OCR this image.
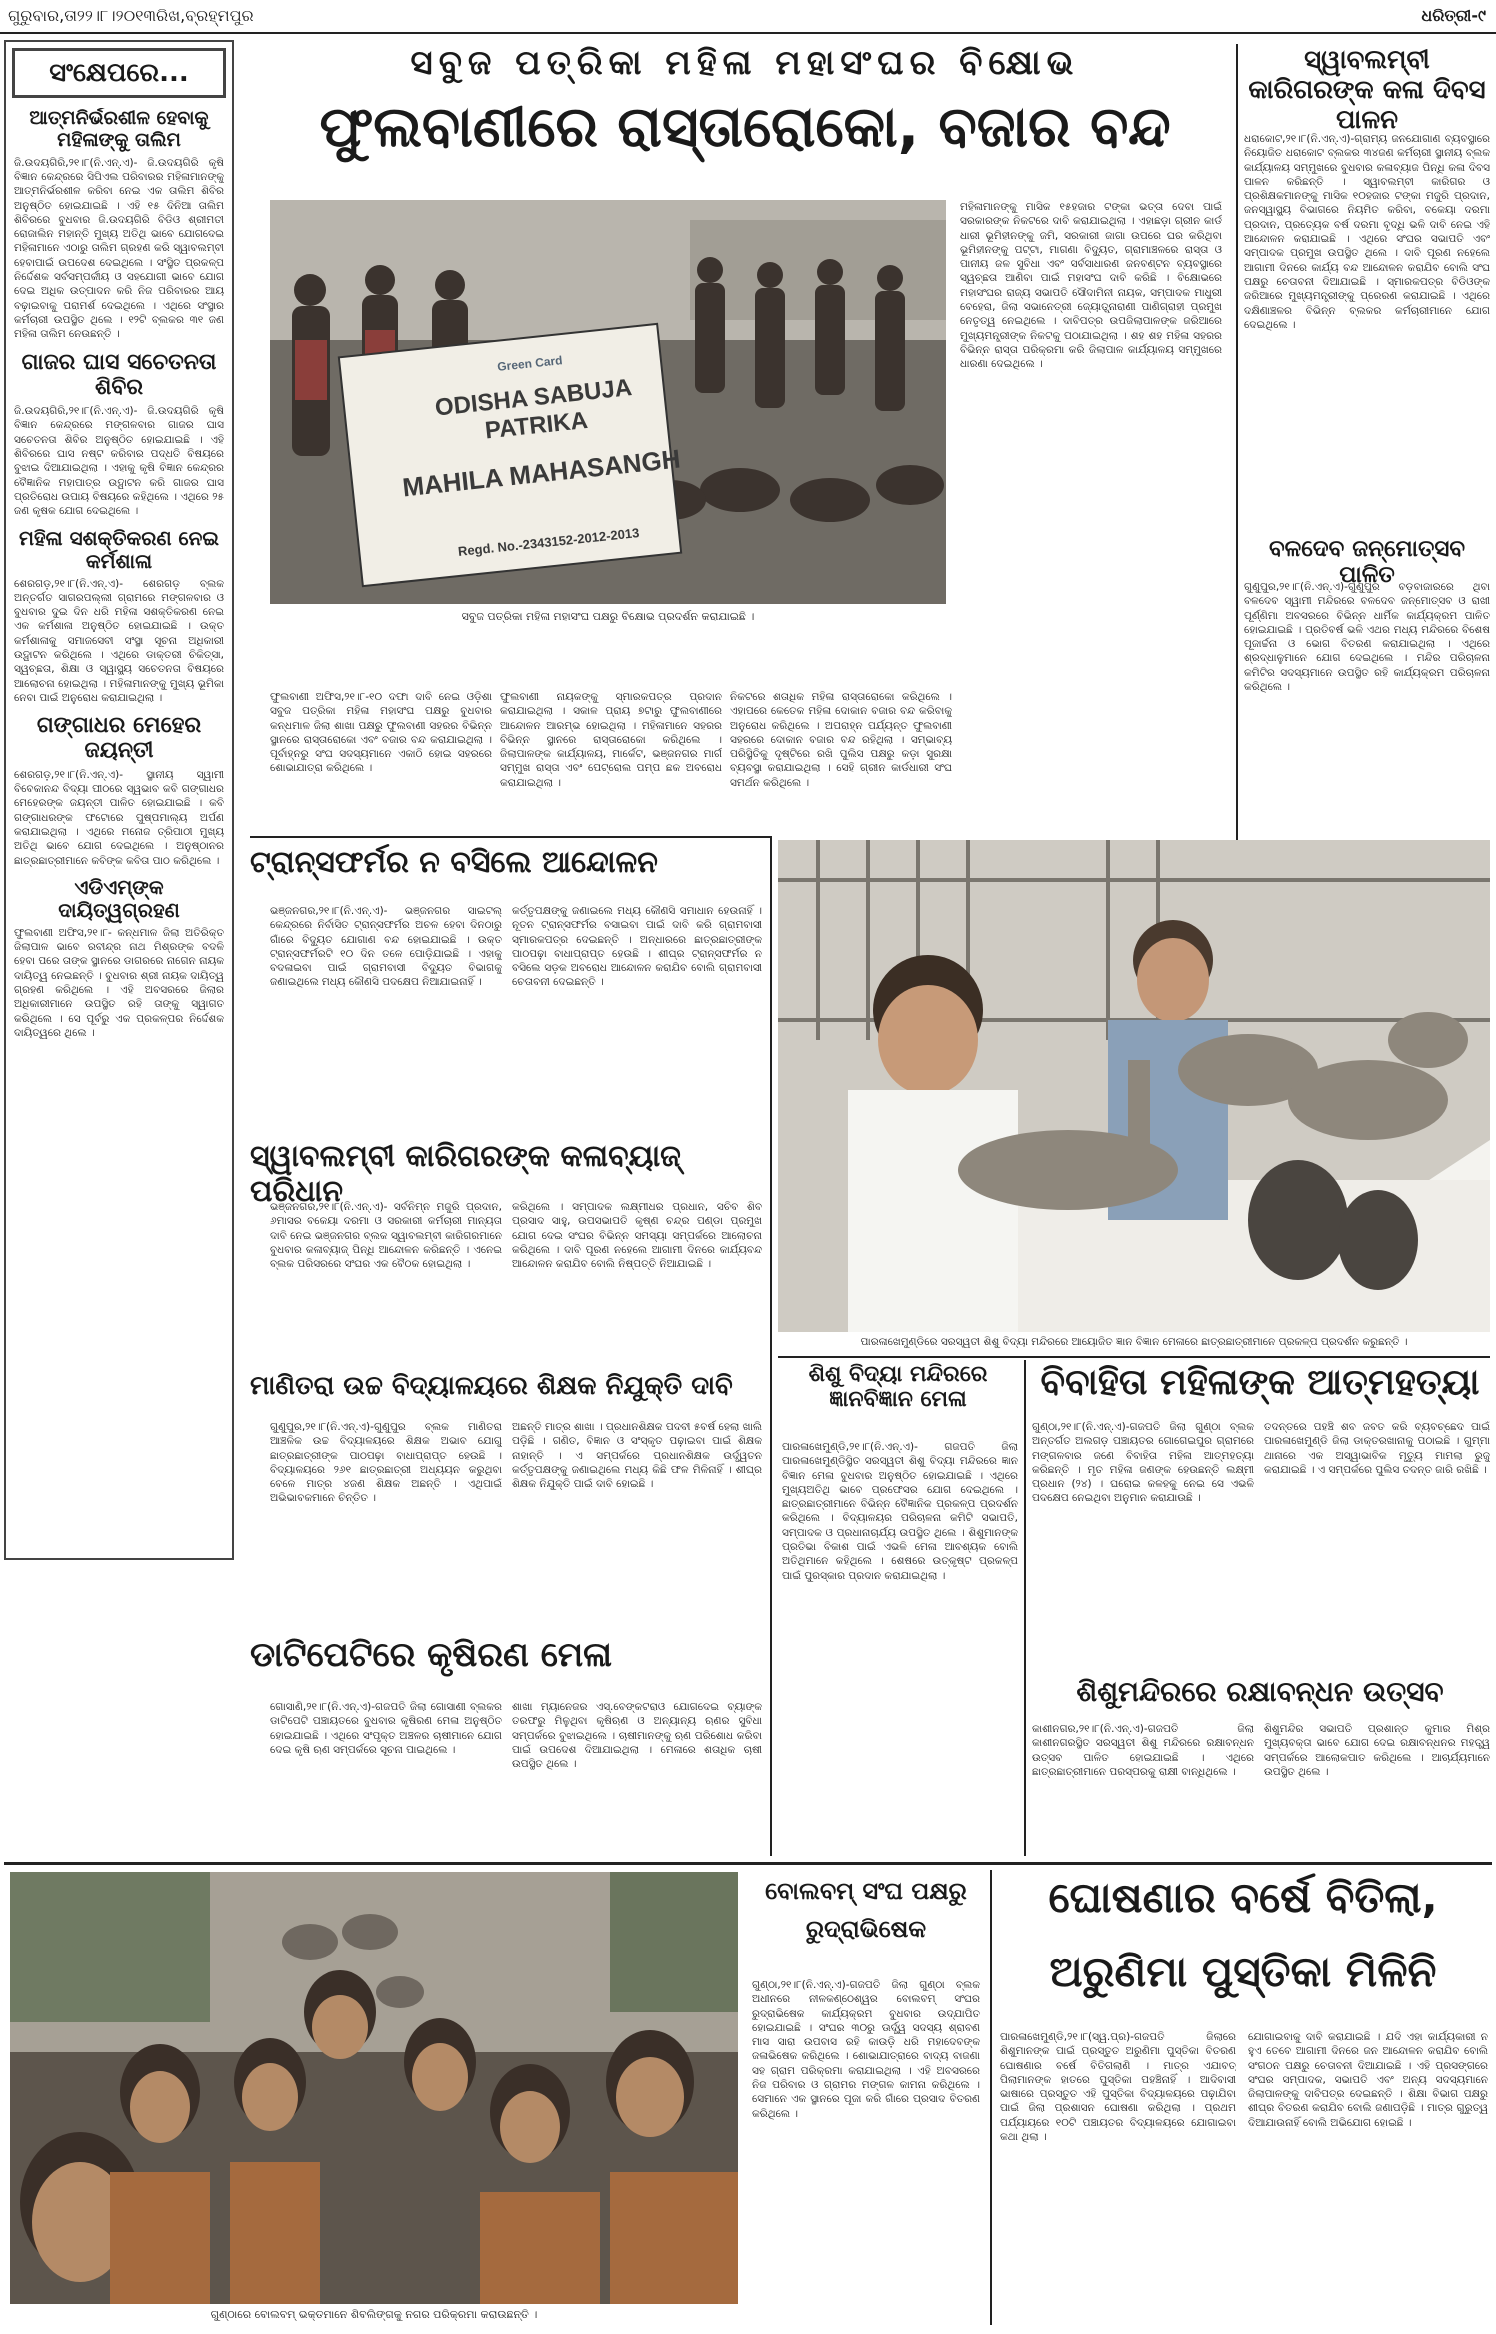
ଗୁରୁବାର,ତା୨୨।୮।୨୦୧୩ରିଖ,ବ୍ରହ୍ମପୁର	ଧରିତ୍ରୀ-୯
ସଂକ୍ଷେପରେ...
ଆତ୍ମନିର୍ଭରଶୀଳ ହେବାକୁ ମହିଳାଙ୍କୁ ତାଲିମ
ଜି.ଉଦୟଗିରି,୨୧।୮(ନି.ଏନ୍.ଏ)- ଜି.ଉଦୟଗିରି କୃଷି ବିଜ୍ଞାନ କେନ୍ଦ୍ରରେ ସିପିଏଲ ପରିବାରର ମହିଳାମାନଙ୍କୁ ଆତ୍ମନିର୍ଭରଶୀଳ କରିବା ନେଇ ଏକ ତାଲିମ ଶିବିର ଅନୁଷ୍ଠିତ ହୋଇଯାଇଛି । ଏହି ୧୫ ଦିନିଆ ତାଲିମ ଶିବିରରେ ବୁଧବାର ଜି.ଉଦୟଗିରି ବିଡିଓ ଶ୍ରୀମତୀ ରୋଜାଲିନ ମହାନ୍ତି ମୁଖ୍ୟ ଅତିଥି ଭାବେ ଯୋଗଦେଇ ମହିଳାମାନେ ଏଠାରୁ ତାଲିମ ଗ୍ରହଣ କରି ସ୍ୱାବଲମ୍ବୀ ହେବାପାଇଁ ଉପଦେଶ ଦେଇଥିଲେ । ସଂସ୍ଥିତ ପ୍ରକଳ୍ପ ନିର୍ଦ୍ଦେଶକ ସର୍ବସମ୍ପର୍କୀୟ ଓ ସହଯୋଗୀ ଭାବେ ଯୋଗ ଦେଇ ଅଧିକ ଉତ୍ପାଦନ କରି ନିଜ ପରିବାରର ଆୟ ବଢ଼ାଇବାକୁ ପରାମର୍ଶ ଦେଇଥିଲେ । ଏଥିରେ ସଂସ୍ଥାର କର୍ମଚାରୀ ଉପସ୍ଥିତ ଥିଲେ । ୧୨ଟି ବ୍ଲକର ୩୧ ଜଣ ମହିଳା ତାଲିମ ନେଉଛନ୍ତି ।
ଗାଜର ଘାସ ସଚେତନତା ଶିବିର
ଜି.ଉଦୟଗିରି,୨୧।୮(ନି.ଏନ୍.ଏ)- ଜି.ଉଦୟଗିରି କୃଷି ବିଜ୍ଞାନ କେନ୍ଦ୍ରରେ ମଙ୍ଗଳବାର ଗାଜର ଘାସ ସଚେତନତା ଶିବିର ଅନୁଷ୍ଠିତ ହୋଇଯାଇଛି । ଏହି ଶିବିରରେ ଘାସ ନଷ୍ଟ କରିବାର ପଦ୍ଧତି ବିଷୟରେ ବୁଝାଇ ଦିଆଯାଇଥିଲା । ଏହାକୁ କୃଷି ବିଜ୍ଞାନ କେନ୍ଦ୍ରର ବୈଜ୍ଞାନିକ ମହାପାତ୍ର ଉଦ୍ଘାଟନ କରି ଗାଜର ଘାସ ପ୍ରତିରୋଧ ଉପାୟ ବିଷୟରେ କହିଥିଲେ । ଏଥିରେ ୨୫ ଜଣ କୃଷକ ଯୋଗ ଦେଇଥିଲେ ।
ମହିଳା ସଶକ୍ତିକରଣ ନେଇ କର୍ମଶାଳା
ଶେରଗଡ଼,୨୧।୮(ନି.ଏନ୍.ଏ)- ଶେରଗଡ଼ ବ୍ଲକ ଅନ୍ତର୍ଗତ ସାଗରପଲ୍ଲୀ ଗ୍ରାମରେ ମଙ୍ଗଳବାର ଓ ବୁଧବାର ଦୁଇ ଦିନ ଧରି ମହିଳା ସଶକ୍ତିକରଣ ନେଇ ଏକ କର୍ମଶାଳା ଅନୁଷ୍ଠିତ ହୋଇଯାଇଛି । ଉକ୍ତ କର୍ମଶାଳାକୁ ସମାଜସେବୀ ସଂସ୍ଥା ସୂଚନା ଅଧିକାରୀ ଉଦ୍ଘାଟନ କରିଥିଲେ । ଏଥିରେ ଡାକ୍ତରୀ ଚିକିତ୍ସା, ସ୍ୱଚ୍ଛତା, ଶିକ୍ଷା ଓ ସ୍ୱାସ୍ଥ୍ୟ ସଚେତନତା ବିଷୟରେ ଆଲୋଚନା ହୋଇଥିଲା । ମହିଳାମାନଙ୍କୁ ମୁଖ୍ୟ ଭୂମିକା ନେବା ପାଇଁ ଅନୁରୋଧ କରାଯାଇଥିଲା ।
ଗଙ୍ଗାଧର ମେହେର ଜୟନ୍ତୀ
ଶେରଗଡ଼,୨୧।୮(ନି.ଏନ୍.ଏ)- ସ୍ଥାନୀୟ ସ୍ୱାମୀ ବିବେକାନନ୍ଦ ବିଦ୍ୟା ପୀଠରେ ସ୍ୱଭାବ କବି ଗଙ୍ଗାଧର ମେହେରଙ୍କ ଜୟନ୍ତୀ ପାଳିତ ହୋଇଯାଇଛି । କବି ଗଙ୍ଗାଧରଙ୍କ ଫଟୋରେ ପୁଷ୍ପମାଲ୍ୟ ଅର୍ପଣ କରାଯାଇଥିଲା । ଏଥିରେ ମନୋଜ ତ୍ରିପାଠୀ ମୁଖ୍ୟ ଅତିଥି ଭାବେ ଯୋଗ ଦେଇଥିଲେ । ଅନୁଷ୍ଠାନର ଛାତ୍ରଛାତ୍ରୀମାନେ କବିଙ୍କ କବିତା ପାଠ କରିଥିଲେ ।
ଏଡିଏମ୍‌ଙ୍କ ଦାୟିତ୍ୱଗ୍ରହଣ
ଫୁଲବାଣୀ ଅଫିସ,୨୧।୮- କନ୍ଧମାଳ ଜିଲା ଅତିରିକ୍ତ ଜିଲାପାଳ ଭାବେ ରବୀନ୍ଦ୍ର ନାଥ ମିଶ୍ରଙ୍କ ବଦଳି ହେବା ପରେ ତାଙ୍କ ସ୍ଥାନରେ ଡାଗରରେ ନାଗେନ ନାୟକ ଦାୟିତ୍ୱ ନେଇଛନ୍ତି । ବୁଧବାର ଶ୍ରୀ ନାୟକ ଦାୟିତ୍ୱ ଗ୍ରହଣ କରିଥିଲେ । ଏହି ଅବସରରେ ଜିଲାର ଅଧିକାରୀମାନେ ଉପସ୍ଥିତ ରହି ତାଙ୍କୁ ସ୍ୱାଗତ କରିଥିଲେ । ସେ ପୂର୍ବରୁ ଏକ ପ୍ରକଳ୍ପର ନିର୍ଦ୍ଦେଶକ ଦାୟିତ୍ୱରେ ଥିଲେ ।
ସବୁଜ ପତ୍ରିକା ମହିଳା ମହାସଂଘର ବିକ୍ଷୋଭ
ଫୁଲବାଣୀରେ ରାସ୍ତାରୋକୋ, ବଜାର ବନ୍ଦ
Green Card
ODISHA SABUJA PATRIKA
MAHILA MAHASANGH
Regd. No.-2343152-2012-2013
ସବୁଜ ପତ୍ରିକା ମହିଳା ମହାସଂଘ ପକ୍ଷରୁ ବିକ୍ଷୋଭ ପ୍ରଦର୍ଶନ କରାଯାଇଛି ।
ମହିଳାମାନଙ୍କୁ ମାସିକ ୧୫ହଜାର ଟଙ୍କା ଭତ୍ତା ଦେବା ପାଇଁ ସରକାରଙ୍କ ନିକଟରେ ଦାବି କରାଯାଇଥିଲା । ଏହାଛଡ଼ା ଗ୍ରୀନ କାର୍ଡ ଧାରୀ ଭୂମିହୀନଙ୍କୁ ଜମି, ସରକାରୀ ଜାଗା ଉପରେ ଘର କରିଥିବା ଭୂମିହୀନଙ୍କୁ ପଟ୍ଟା, ମାଗଣା ବିଦ୍ୟୁତ, ଗ୍ରାମାଞ୍ଚଳରେ ରାସ୍ତା ଓ ପାନୀୟ ଜଳ ସୁବିଧା ଏବଂ ସର୍ବସାଧାରଣ ଜନବଣ୍ଟନ ବ୍ୟବସ୍ଥାରେ ସ୍ୱଚ୍ଛତା ଆଣିବା ପାଇଁ ମହାସଂଘ ଦାବି କରିଛି । ବିକ୍ଷୋଭରେ ମହାସଂଘର ରାଜ୍ୟ ସଭାପତି ସୌଦାମିନୀ ନାୟକ, ସମ୍ପାଦକ ମାଧୁରୀ ବେହେରା, ଜିଲା ସଭାନେତ୍ରୀ ଜ୍ୟୋତ୍ସ୍ନାରାଣୀ ପାଣିଗ୍ରାହୀ ପ୍ରମୁଖ ନେତୃତ୍ୱ ନେଇଥିଲେ । ଦାବିପତ୍ର ଉପଜିଲାପାଳଙ୍କ ଜରିଆରେ ମୁଖ୍ୟମନ୍ତ୍ରୀଙ୍କ ନିକଟକୁ ପଠାଯାଇଥିଲା । ଶହ ଶହ ମହିଳା ସହରର ବିଭିନ୍ନ ରାସ୍ତା ପରିକ୍ରମା କରି ଜିଲାପାଳ କାର୍ଯ୍ୟାଳୟ ସମ୍ମୁଖରେ ଧାରଣା ଦେଇଥିଲେ ।
ଫୁଲବାଣୀ ଅଫିସ,୨୧।୮-୧୦ ଦଫା ଦାବି ନେଇ ଓଡ଼ିଶା ସବୁଜ ପତ୍ରିକା ମହିଳା ମହାସଂଘ ପକ୍ଷରୁ ବୁଧବାର କନ୍ଧମାଳ ଜିଲା ଶାଖା ପକ୍ଷରୁ ଫୁଲବାଣୀ ସହରର ବିଭିନ୍ନ ସ୍ଥାନରେ ରାସ୍ତାରୋକୋ ଏବଂ ବଜାର ବନ୍ଦ କରାଯାଇଥିଲା । ପୂର୍ବାହ୍ନରୁ ସଂଘ ସଦସ୍ୟମାନେ ଏକାଠି ହୋଇ ସହରରେ ଶୋଭାଯାତ୍ରା କରିଥିଲେ ।
ଫୁଲବାଣୀ ନାୟକଙ୍କୁ ସ୍ମାରକପତ୍ର ପ୍ରଦାନ କରାଯାଇଥିଲା । ସକାଳ ପ୍ରାୟ ୭ଟାରୁ ଫୁଲବାଣୀରେ ଆନ୍ଦୋଳନ ଆରମ୍ଭ ହୋଇଥିଲା । ମହିଳାମାନେ ସହରର ବିଭିନ୍ନ ସ୍ଥାନରେ ରାସ୍ତାରୋକୋ କରିଥିଲେ । ଜିଲାପାଳଙ୍କ କାର୍ଯ୍ୟାଳୟ, ମାର୍କେଟ, ଭଞ୍ଜନଗର ମାର୍ଗ ସମ୍ମୁଖ ରାସ୍ତା ଏବଂ ପେଟ୍ରୋଲ ପମ୍ପ ଛକ ଅବରୋଧ କରାଯାଇଥିଲା ।
ନିକଟରେ ଶତାଧିକ ମହିଳା ରାସ୍ତାରୋକୋ କରିଥିଲେ । ଏହାପରେ କେତେକ ମହିଳା ଦୋକାନ ବଜାର ବନ୍ଦ କରିବାକୁ ଅନୁରୋଧ କରିଥିଲେ । ଅପରାହ୍ନ ପର୍ଯ୍ୟନ୍ତ ଫୁଲବାଣୀ ସହରରେ ଦୋକାନ ବଜାର ବନ୍ଦ ରହିଥିଲା । ସମ୍ଭାବ୍ୟ ପରିସ୍ଥିତିକୁ ଦୃଷ୍ଟିରେ ରଖି ପୁଲିସ ପକ୍ଷରୁ କଡ଼ା ସୁରକ୍ଷା ବ୍ୟବସ୍ଥା କରାଯାଇଥିଲା । ସେହି ଗ୍ରୀନ କାର୍ଡଧାରୀ ସଂଘ ସମର୍ଥନ କରିଥିଲେ ।
ସ୍ୱାବଲମ୍ବୀ କାରିଗରଙ୍କ କଳା ଦିବସ ପାଳନ
ଧରାକୋଟ,୨୧।୮(ନି.ଏନ୍.ଏ)-ଗ୍ରାମ୍ୟ ଜନଯୋଗାଣ ବ୍ୟବସ୍ଥାରେ ନିୟୋଜିତ ଧରାକୋଟ ବ୍ଲକର ୩୪ଜଣ କର୍ମଚାରୀ ସ୍ଥାନୀୟ ବ୍ଲକ କାର୍ଯ୍ୟାଳୟ ସମ୍ମୁଖରେ ବୁଧବାର କଳାବ୍ୟାଜ ପିନ୍ଧି କଳା ଦିବସ ପାଳନ କରିଛନ୍ତି । ସ୍ୱାବଲମ୍ବୀ କାରିଗର ଓ ପ୍ରଶିକ୍ଷକମାନଙ୍କୁ ମାସିକ ୧୦ହଜାର ଟଙ୍କା ମଜୁରି ପ୍ରଦାନ, ଜନସ୍ୱାସ୍ଥ୍ୟ ବିଭାଗରେ ନିୟମିତ କରିବା, ବକେୟା ଦରମା ପ୍ରଦାନ, ପ୍ରତ୍ୟେକ ବର୍ଷ ଦରମା ବୃଦ୍ଧି ଭଳି ଦାବି ନେଇ ଏହି ଆନ୍ଦୋଳନ କରାଯାଇଛି । ଏଥିରେ ସଂଘର ସଭାପତି ଏବଂ ସମ୍ପାଦକ ପ୍ରମୁଖ ଉପସ୍ଥିତ ଥିଲେ । ଦାବି ପୂରଣ ନହେଲେ ଆଗାମୀ ଦିନରେ କାର୍ଯ୍ୟ ବନ୍ଦ ଆନ୍ଦୋଳନ କରାଯିବ ବୋଲି ସଂଘ ପକ୍ଷରୁ ଚେତାବନୀ ଦିଆଯାଇଛି । ସ୍ମାରକପତ୍ର ବିଡିଓଙ୍କ ଜରିଆରେ ମୁଖ୍ୟମନ୍ତ୍ରୀଙ୍କୁ ପ୍ରେରଣ କରାଯାଇଛି । ଏଥିରେ ଦକ୍ଷିଣାଞ୍ଚଳର ବିଭିନ୍ନ ବ୍ଲକର କର୍ମଚାରୀମାନେ ଯୋଗ ଦେଇଥିଲେ ।
ବଳଦେବ ଜନ୍ମୋତ୍ସବ ପାଳିତ
ଗୁଣୁପୁର,୨୧।୮(ନି.ଏନ୍.ଏ)-ଗୁଣୁପୁର ବଡ଼ବାଜାରରେ ଥିବା ବଳଦେବ ସ୍ୱାମୀ ମନ୍ଦିରରେ ବଳଦେବ ଜନ୍ମୋତ୍ସବ ଓ ରାଖୀ ପୂର୍ଣ୍ଣିମା ଅବସରରେ ବିଭିନ୍ନ ଧାର୍ମିକ କାର୍ଯ୍ୟକ୍ରମ ପାଳିତ ହୋଇଯାଇଛି । ପ୍ରତିବର୍ଷ ଭଳି ଏଥର ମଧ୍ୟ ମନ୍ଦିରରେ ବିଶେଷ ପୂଜାର୍ଚ୍ଚନା ଓ ଭୋଗ ବିତରଣ କରାଯାଇଥିଲା । ଏଥିରେ ଶ୍ରଦ୍ଧାଳୁମାନେ ଯୋଗ ଦେଇଥିଲେ । ମନ୍ଦିର ପରିଚାଳନା କମିଟିର ସଦସ୍ୟମାନେ ଉପସ୍ଥିତ ରହି କାର୍ଯ୍ୟକ୍ରମ ପରିଚାଳନା କରିଥିଲେ ।
ଟ୍ରାନ୍ସଫର୍ମର ନ ବସିଲେ ଆନ୍ଦୋଳନ
ଭଞ୍ଜନଗର,୨୧।୮(ନି.ଏନ୍.ଏ)- ଭଞ୍ଜନଗର ସାଇଟଲ୍‌ କେନ୍ଦ୍ରରେ ନିର୍ବାସିତ ଟ୍ରାନ୍ସଫର୍ମର ଅଚଳ ହେବା ଦିନଠାରୁ ଗାଁରେ ବିଦ୍ୟୁତ ଯୋଗାଣ ବନ୍ଦ ହୋଇଯାଇଛି । ଉକ୍ତ ଟ୍ରାନ୍ସଫର୍ମରଟି ୧୦ ଦିନ ତଳେ ପୋଡ଼ିଯାଇଛି । ଏହାକୁ ବଦଳାଇବା ପାଇଁ ଗ୍ରାମବାସୀ ବିଦ୍ୟୁତ ବିଭାଗକୁ ଜଣାଇଥିଲେ ମଧ୍ୟ କୌଣସି ପଦକ୍ଷେପ ନିଆଯାଇନାହିଁ ।
କର୍ତ୍ତୃପକ୍ଷଙ୍କୁ ଜଣାଇଲେ ମଧ୍ୟ କୌଣସି ସମାଧାନ ହେଉନାହିଁ । ନୂତନ ଟ୍ରାନ୍ସଫର୍ମର ବସାଇବା ପାଇଁ ଦାବି କରି ଗ୍ରାମବାସୀ ସ୍ମାରକପତ୍ର ଦେଇଛନ୍ତି । ଅନ୍ଧାରରେ ଛାତ୍ରଛାତ୍ରୀଙ୍କ ପାଠପଢ଼ା ବାଧାପ୍ରାପ୍ତ ହେଉଛି । ଶୀଘ୍ର ଟ୍ରାନ୍ସଫର୍ମର ନ ବସିଲେ ସଡ଼କ ଅବରୋଧ ଆନ୍ଦୋଳନ କରାଯିବ ବୋଲି ଗ୍ରାମବାସୀ ଚେତାବନୀ ଦେଇଛନ୍ତି ।
ସ୍ୱାବଲମ୍ବୀ କାରିଗରଙ୍କ କଳାବ୍ୟାଜ୍ ପରିଧାନ
ଭଞ୍ଜନଗର,୨୧।୮(ନି.ଏନ୍.ଏ)- ସର୍ବନିମ୍ନ ମଜୁରି ପ୍ରଦାନ, ୬ମାସର ବକେୟା ଦରମା ଓ ସରକାରୀ କର୍ମଚାରୀ ମାନ୍ୟତା ଦାବି ନେଇ ଭଞ୍ଜନଗର ବ୍ଲକ ସ୍ୱାବଲମ୍ବୀ କାରିଗରମାନେ ବୁଧବାର କଳାବ୍ୟାଜ୍ ପିନ୍ଧି ଆନ୍ଦୋଳନ କରିଛନ୍ତି । ଏନେଇ ବ୍ଲକ ପରିସରରେ ସଂଘର ଏକ ବୈଠକ ହୋଇଥିଲା ।
କରିଥିଲେ । ସମ୍ପାଦକ ଲକ୍ଷ୍ମୀଧର ପ୍ରଧାନ, ସଚିବ ଶିବ ପ୍ରସାଦ ସାହୁ, ଉପସଭାପତି କୃଷ୍ଣ ଚନ୍ଦ୍ର ପଣ୍ଡା ପ୍ରମୁଖ ଯୋଗ ଦେଇ ସଂଘର ବିଭିନ୍ନ ସମସ୍ୟା ସମ୍ପର୍କରେ ଆଲୋଚନା କରିଥିଲେ । ଦାବି ପୂରଣ ନହେଲେ ଆଗାମୀ ଦିନରେ କାର୍ଯ୍ୟବନ୍ଦ ଆନ୍ଦୋଳନ କରାଯିବ ବୋଲି ନିଷ୍ପତ୍ତି ନିଆଯାଇଛି ।
ମାଣିତରା ଉଚ୍ଚ ବିଦ୍ୟାଳୟରେ ଶିକ୍ଷକ ନିଯୁକ୍ତି ଦାବି
ଗୁଣୁପୁର,୨୧।୮(ନି.ଏନ୍.ଏ)-ଗୁଣୁପୁର ବ୍ଲକ ମାଣିତରା ଆଞ୍ଚଳିକ ଉଚ୍ଚ ବିଦ୍ୟାଳୟରେ ଶିକ୍ଷକ ଅଭାବ ଯୋଗୁ ଛାତ୍ରଛାତ୍ରୀଙ୍କ ପାଠପଢ଼ା ବାଧାପ୍ରାପ୍ତ ହେଉଛି । ବିଦ୍ୟାଳୟରେ ୨୬୧ ଛାତ୍ରଛାତ୍ରୀ ଅଧ୍ୟୟନ କରୁଥିବା ବେଳେ ମାତ୍ର ୪ଜଣ ଶିକ୍ଷକ ଅଛନ୍ତି । ଏଥିପାଇଁ ଅଭିଭାବକମାନେ ଚିନ୍ତିତ ।
ଅଛନ୍ତି ମାତ୍ର ଶାଖା । ପ୍ରଧାନଶିକ୍ଷକ ପଦବୀ ୫ବର୍ଷ ହେଲା ଖାଲି ପଡ଼ିଛି । ଗଣିତ, ବିଜ୍ଞାନ ଓ ସଂସ୍କୃତ ପଢ଼ାଇବା ପାଇଁ ଶିକ୍ଷକ ନାହାନ୍ତି । ଏ ସମ୍ପର୍କରେ ପ୍ରଧାନଶିକ୍ଷକ ଉର୍ଦ୍ଧ୍ୱତନ କର୍ତ୍ତୃପକ୍ଷଙ୍କୁ ଜଣାଇଥିଲେ ମଧ୍ୟ କିଛି ଫଳ ମିଳିନାହିଁ । ଶୀଘ୍ର ଶିକ୍ଷକ ନିଯୁକ୍ତି ପାଇଁ ଦାବି ହୋଇଛି ।
ଡାଟିପେଟିରେ କୃଷିରଣ ମେଳା
ଗୋସାଣି,୨୧।୮(ନି.ଏନ୍.ଏ)-ଗଜପତି ଜିଲା ଗୋସାଣୀ ବ୍ଲକର ଡାଟିପେଟି ପଞ୍ଚାୟତରେ ବୁଧବାର କୃଷିରଣ ମେଳା ଅନୁଷ୍ଠିତ ହୋଇଯାଇଛି । ଏଥିରେ ସଂପୃକ୍ତ ଅଞ୍ଚଳର ଚାଷୀମାନେ ଯୋଗ ଦେଇ କୃଷି ଋଣ ସମ୍ପର୍କରେ ସୂଚନା ପାଇଥିଲେ ।
ଶାଖା ମ୍ୟାନେଜର ଏସ୍.ବେଙ୍କଟରାଓ ଯୋଗଦେଇ ବ୍ୟାଙ୍କ ତରଫରୁ ମିଳୁଥିବା କୃଷିଋଣ ଓ ଅନ୍ୟାନ୍ୟ ଋଣର ସୁବିଧା ସମ୍ପର୍କରେ ବୁଝାଇଥିଲେ । ଚାଷୀମାନଙ୍କୁ ଋଣ ପରିଶୋଧ କରିବା ପାଇଁ ଉପଦେଶ ଦିଆଯାଇଥିଲା । ମେଳାରେ ଶତାଧିକ ଚାଷୀ ଉପସ୍ଥିତ ଥିଲେ ।
ପାରଳାଖେମୁଣ୍ଡିରେ ସରସ୍ୱତୀ ଶିଶୁ ବିଦ୍ୟା ମନ୍ଦିରରେ ଆୟୋଜିତ ଜ୍ଞାନ ବିଜ୍ଞାନ ମେଳାରେ ଛାତ୍ରଛାତ୍ରୀମାନେ ପ୍ରକଳ୍ପ ପ୍ରଦର୍ଶନ କରୁଛନ୍ତି ।
ଶିଶୁ ବିଦ୍ୟା ମନ୍ଦିରରେ ଜ୍ଞାନବିଜ୍ଞାନ ମେଳା
ପାରଳାଖେମୁଣ୍ଡି,୨୧।୮(ନି.ଏନ୍.ଏ)- ଗଜପତି ଜିଲା ପାରଳାଖେମୁଣ୍ଡିସ୍ଥିତ ସରସ୍ୱତୀ ଶିଶୁ ବିଦ୍ୟା ମନ୍ଦିରରେ ଜ୍ଞାନ ବିଜ୍ଞାନ ମେଳା ବୁଧବାର ଅନୁଷ୍ଠିତ ହୋଇଯାଇଛି । ଏଥିରେ ମୁଖ୍ୟଅତିଥି ଭାବେ ପ୍ରଫେସର ଯୋଗ ଦେଇଥିଲେ । ଛାତ୍ରଛାତ୍ରୀମାନେ ବିଭିନ୍ନ ବୈଜ୍ଞାନିକ ପ୍ରକଳ୍ପ ପ୍ରଦର୍ଶନ କରିଥିଲେ । ବିଦ୍ୟାଳୟର ପରିଚାଳନା କମିଟି ସଭାପତି, ସମ୍ପାଦକ ଓ ପ୍ରଧାନାଚାର୍ଯ୍ୟ ଉପସ୍ଥିତ ଥିଲେ । ଶିଶୁମାନଙ୍କ ପ୍ରତିଭା ବିକାଶ ପାଇଁ ଏଭଳି ମେଳା ଆବଶ୍ୟକ ବୋଲି ଅତିଥିମାନେ କହିଥିଲେ । ଶେଷରେ ଉତ୍କୃଷ୍ଟ ପ୍ରକଳ୍ପ ପାଇଁ ପୁରସ୍କାର ପ୍ରଦାନ କରାଯାଇଥିଲା ।
ବିବାହିତା ମହିଳାଙ୍କ ଆତ୍ମହତ୍ୟା
ଗୁଣ୍ଠା,୨୧।୮(ନି.ଏନ୍.ଏ)-ଗଜପତି ଜିଲା ଗୁଣ୍ଠା ବ୍ଲକ ଅନ୍ତର୍ଗତ ଅଲଗଡ଼ ପଞ୍ଚାୟତର ଗୋଗେଇପୁର ଗ୍ରାମରେ ମଙ୍ଗଳବାର ଜଣେ ବିବାହିତା ମହିଳା ଆତ୍ମହତ୍ୟା କରିଛନ୍ତି । ମୃତ ମହିଳା ଜଣଙ୍କ ହେଉଛନ୍ତି ଲକ୍ଷ୍ମୀ ପ୍ରଧାନ (୨୪) । ଘରୋଇ କଳହକୁ ନେଇ ସେ ଏଭଳି ପଦକ୍ଷେପ ନେଇଥିବା ଅନୁମାନ କରାଯାଉଛି ।
ତଦନ୍ତରେ ପହଞ୍ଚି ଶବ ଜବତ କରି ବ୍ୟବଚ୍ଛେଦ ପାଇଁ ପାରଳାଖେମୁଣ୍ଡି ଜିଲା ଡାକ୍ତରଖାନାକୁ ପଠାଇଛି । ଗୁମ୍ମା ଥାନାରେ ଏକ ଅସ୍ୱାଭାବିକ ମୃତ୍ୟୁ ମାମଲା ରୁଜୁ କରାଯାଇଛି । ଏ ସମ୍ପର୍କରେ ପୁଲିସ ତଦନ୍ତ ଜାରି ରଖିଛି ।
ଶିଶୁମନ୍ଦିରରେ ରକ୍ଷାବନ୍ଧନ ଉତ୍ସବ
କାଶୀନଗର,୨୧।୮(ନି.ଏନ୍.ଏ)-ଗଜପତି ଜିଲା କାଶୀନଗରସ୍ଥିତ ସରସ୍ୱତୀ ଶିଶୁ ମନ୍ଦିରରେ ରକ୍ଷାବନ୍ଧନ ଉତ୍ସବ ପାଳିତ ହୋଇଯାଇଛି । ଏଥିରେ ଛାତ୍ରଛାତ୍ରୀମାନେ ପରସ୍ପରକୁ ରାକ୍ଷୀ ବାନ୍ଧିଥିଲେ ।
ଶିଶୁମନ୍ଦିର ସଭାପତି ପ୍ରଶାନ୍ତ କୁମାର ମିଶ୍ର ମୁଖ୍ୟବକ୍ତା ଭାବେ ଯୋଗ ଦେଇ ରକ୍ଷାବନ୍ଧନର ମହତ୍ତ୍ୱ ସମ୍ପର୍କରେ ଆଲୋକପାତ କରିଥିଲେ । ଆଚାର୍ଯ୍ୟମାନେ ଉପସ୍ଥିତ ଥିଲେ ।
ଗୁଣ୍ଠାରେ ବୋଲବମ୍ ଭକ୍ତମାନେ ଶିବଲିଙ୍ଗକୁ ନଗର ପରିକ୍ରମା କରାଉଛନ୍ତି ।
ବୋଲବମ୍ ସଂଘ ପକ୍ଷରୁ ରୁଦ୍ରାଭିଷେକ
ଗୁଣ୍ଠା,୨୧।୮(ନି.ଏନ୍.ଏ)-ଗଜପତି ଜିଲା ଗୁଣ୍ଠା ବ୍ଲକ ଅଧୀନରେ ନୀଳକଣ୍ଠେଶ୍ୱର ବୋଲବମ୍ ସଂଘର ରୁଦ୍ରାଭିଷେକ କାର୍ଯ୍ୟକ୍ରମ ବୁଧବାର ଉଦ୍‌ଯାପିତ ହୋଇଯାଇଛି । ସଂଘର ୩୦ରୁ ଊର୍ଦ୍ଧ୍ୱ ସଦସ୍ୟ ଶ୍ରାବଣ ମାସ ସାରା ଉପବାସ ରହି କାଉଡ଼ି ଧରି ମହାଦେବଙ୍କ ଜଳାଭିଷେକ କରିଥିଲେ । ଶୋଭାଯାତ୍ରାରେ ବାଦ୍ୟ ବାଜଣା ସହ ଗ୍ରାମ ପରିକ୍ରମା କରାଯାଇଥିଲା । ଏହି ଅବସରରେ ନିଜ ପରିବାର ଓ ଗ୍ରାମର ମଙ୍ଗଳ କାମନା କରିଥିଲେ । ସେମାନେ ଏକ ସ୍ଥାନରେ ପୂଜା କରି ଗାଁରେ ପ୍ରସାଦ ବିତରଣ କରିଥିଲେ ।
ଘୋଷଣାର ବର୍ଷେ ବିତିଲା,
ଅରୁଣିମା ପୁସ୍ତିକା ମିଳିନି
ପାରଳାଖେମୁଣ୍ଡି,୨୧।୮(ସ୍ୱ.ପ୍ର)-ଗଜପତି ଜିଲାରେ ଶିଶୁମାନଙ୍କ ପାଇଁ ପ୍ରସ୍ତୁତ ଅରୁଣିମା ପୁସ୍ତିକା ବିତରଣ ଘୋଷଣାର ବର୍ଷେ ବିତିଗଲାଣି । ମାତ୍ର ଏଯାବତ୍ ପିଲାମାନଙ୍କ ହାତରେ ପୁସ୍ତିକା ପହଞ୍ଚିନାହିଁ । ଆଦିବାସୀ ଭାଷାରେ ପ୍ରସ୍ତୁତ ଏହି ପୁସ୍ତିକା ବିଦ୍ୟାଳୟରେ ପଢ଼ାଯିବା ପାଇଁ ଜିଲା ପ୍ରଶାସନ ଘୋଷଣା କରିଥିଲା । ପ୍ରଥମ ପର୍ଯ୍ୟାୟରେ ୧୦ଟି ପଞ୍ଚାୟତର ବିଦ୍ୟାଳୟରେ ଯୋଗାଇବା କଥା ଥିଲା ।
ଯୋଗାଇବାକୁ ଦାବି କରାଯାଇଛି । ଯଦି ଏହା କାର୍ଯ୍ୟକାରୀ ନ ହୁଏ ତେବେ ଆଗାମୀ ଦିନରେ ଜନ ଆନ୍ଦୋଳନ କରାଯିବ ବୋଲି ସଂଗଠନ ପକ୍ଷରୁ ଚେତାବନୀ ଦିଆଯାଇଛି । ଏହି ପ୍ରସଙ୍ଗରେ ସଂଘର ସମ୍ପାଦକ, ସଭାପତି ଏବଂ ଅନ୍ୟ ସଦସ୍ୟମାନେ ଜିଲାପାଳଙ୍କୁ ଦାବିପତ୍ର ଦେଇଛନ୍ତି । ଶିକ୍ଷା ବିଭାଗ ପକ୍ଷରୁ ଶୀଘ୍ର ବିତରଣ କରାଯିବ ବୋଲି ଜଣାପଡ଼ିଛି । ମାତ୍ର ଗୁରୁତ୍ୱ ଦିଆଯାଉନାହିଁ ବୋଲି ଅଭିଯୋଗ ହୋଇଛି ।
